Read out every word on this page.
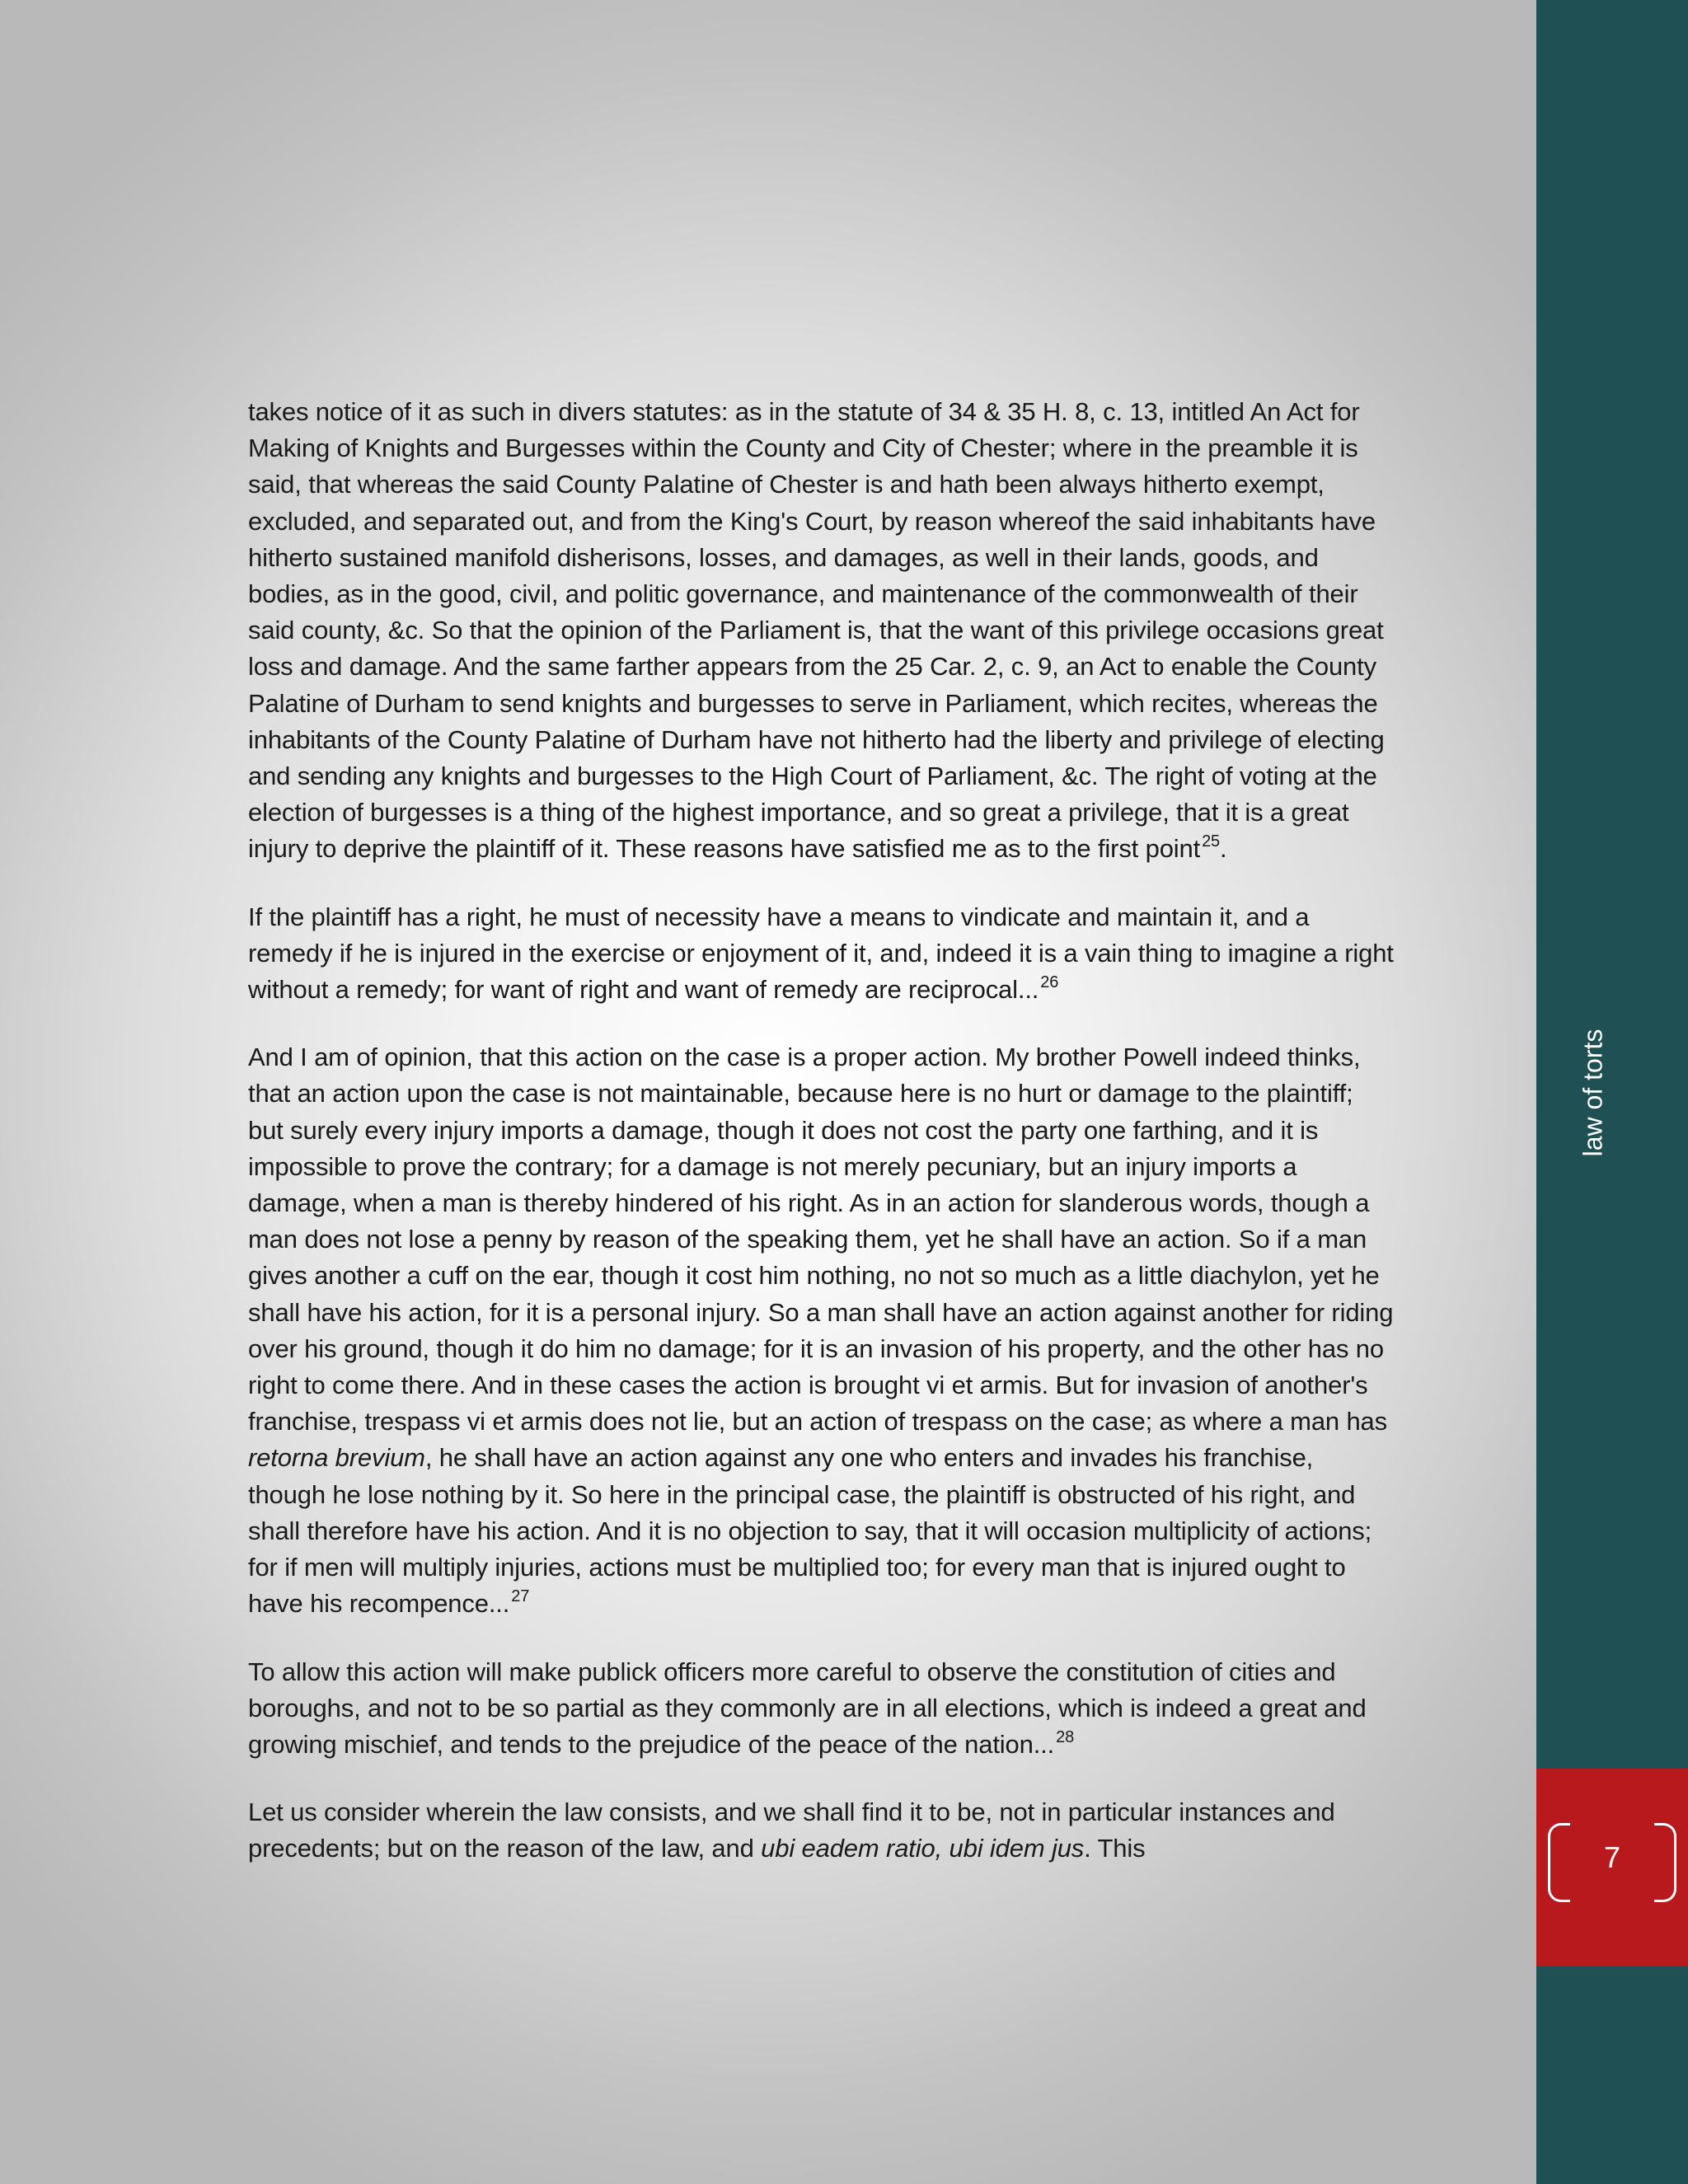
takes notice of it as such in divers statutes: as in the statute of 34 & 35 H. 8, c. 13, intitled An Act for Making of Knights and Burgesses within the County and City of Chester; where in the preamble it is said, that whereas the said County Palatine of Chester is and hath been always hitherto exempt, excluded, and separated out, and from the King's Court, by reason whereof the said inhabitants have hitherto sustained manifold disherisons, losses, and damages, as well in their lands, goods, and bodies, as in the good, civil, and politic governance, and maintenance of the commonwealth of their said county, &c. So that the opinion of the Parliament is, that the want of this privilege occasions great loss and damage. And the same farther appears from the 25 Car. 2, c. 9, an Act to enable the County Palatine of Durham to send knights and burgesses to serve in Parliament, which recites, whereas the inhabitants of the County Palatine of Durham have not hitherto had the liberty and privilege of electing and sending any knights and burgesses to the High Court of Parliament, &c. The right of voting at the election of burgesses is a thing of the highest importance, and so great a privilege, that it is a great injury to deprive the plaintiff of it. These reasons have satisfied me as to the first point $^{25}$.

If the plaintiff has a right, he must of necessity have a means to vindicate and maintain it, and a remedy if he is injured in the exercise or enjoyment of it, and, indeed it is a vain thing to imagine a right without a remedy; for want of right and want of remedy are reciprocal... $^{26}$

And I am of opinion, that this action on the case is a proper action. My brother Powell indeed thinks, that an action upon the case is not maintainable, because here is no hurt or damage to the plaintiff; but surely every injury imports a damage, though it does not cost the party one farthing, and it is impossible to prove the contrary; for a damage is not merely pecuniary, but an injury imports a damage, when a man is thereby hindered of his right. As in an action for slanderous words, though a man does not lose a penny by reason of the speaking them, yet he shall have an action. So if a man gives another a cuff on the ear, though it cost him nothing, no not so much as a little diachylon, yet he shall have his action, for it is a personal injury. So a man shall have an action against another for riding over his ground, though it do him no damage; for it is an invasion of his property, and the other has no right to come there. And in these cases the action is brought vi et armis. But for invasion of another's franchise, trespass vi et armis does not lie, but an action of trespass on the case; as where a man has retorna brevium, he shall have an action against any one who enters and invades his franchise, though he lose nothing by it. So here in the principal case, the plaintiff is obstructed of his right, and shall therefore have his action. And it is no objection to say, that it will occasion multiplicity of actions; for if men will multiply injuries, actions must be multiplied too; for every man that is injured ought to have his recompence... $^{27}$

To allow this action will make publick officers more careful to observe the constitution of cities and boroughs, and not to be so partial as they commonly are in all elections, which is indeed a great and growing mischief, and tends to the prejudice of the peace of the nation... $^{28}$

Let us consider wherein the law consists, and we shall find it to be, not in particular instances and precedents; but on the reason of the law, and ubi eadem ratio, ubi idem jus. This

law of torts
7
